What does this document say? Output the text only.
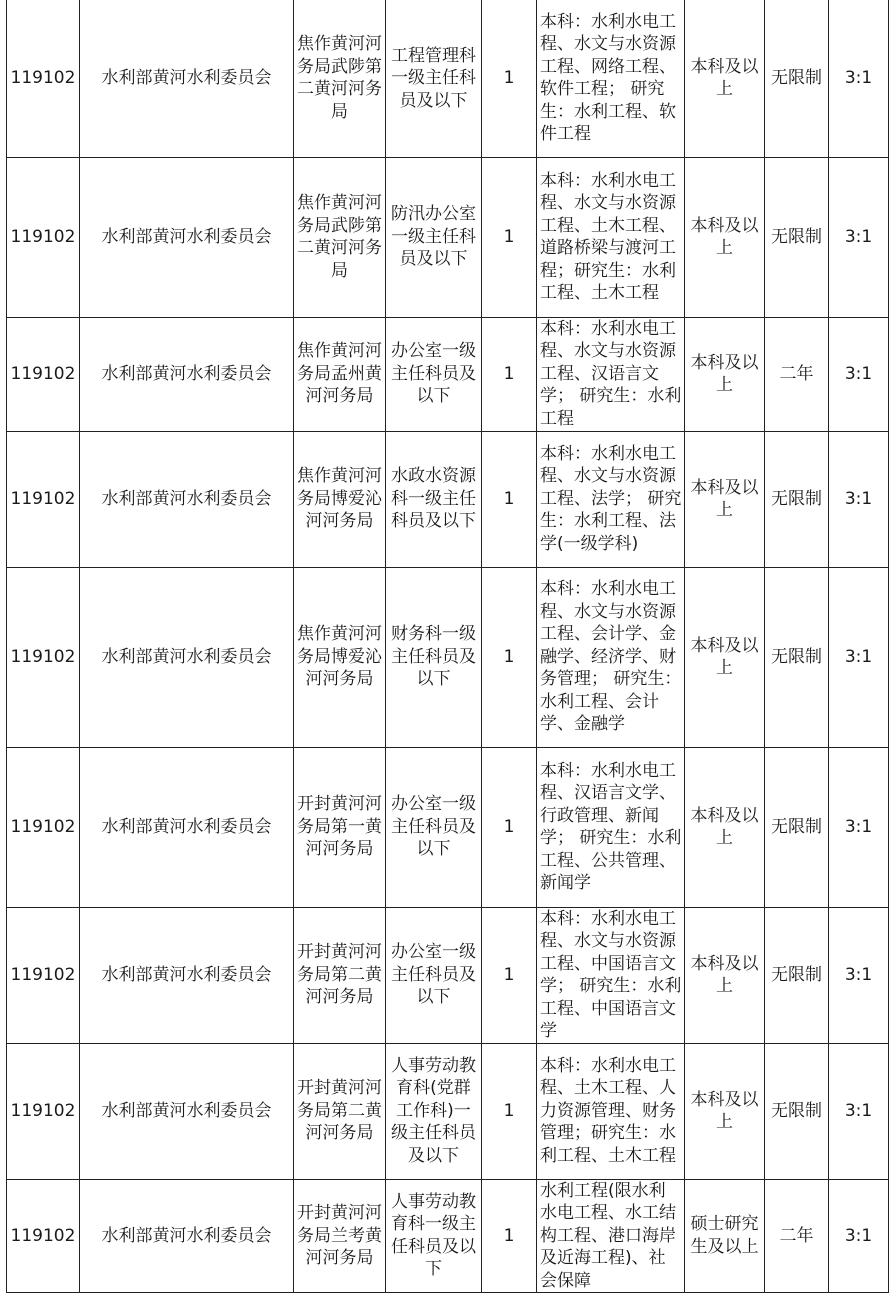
119102	水利部黄河水利委员会	焦作黄河河务局武陟第二黄河河务局	工程管理科一级主任科员及以下	1	本科：水利水电工程、水文与水资源工程、网络工程、软件工程； 研究生：水利工程、软件工程	本科及以上	无限制	3:1
119102	水利部黄河水利委员会	焦作黄河河务局武陟第二黄河河务局	防汛办公室一级主任科员及以下	1	本科：水利水电工程、水文与水资源工程、土木工程、道路桥梁与渡河工程；研究生：水利工程、土木工程	本科及以上	无限制	3:1
119102	水利部黄河水利委员会	焦作黄河河务局孟州黄河河务局	办公室一级主任科员及以下	1	本科：水利水电工程、水文与水资源工程、汉语言文学； 研究生：水利工程	本科及以上	二年	3:1
119102	水利部黄河水利委员会	焦作黄河河务局博爱沁河河务局	水政水资源科一级主任科员及以下	1	本科：水利水电工程、水文与水资源工程、法学； 研究生：水利工程、法学(一级学科)	本科及以上	无限制	3:1
119102	水利部黄河水利委员会	焦作黄河河务局博爱沁河河务局	财务科一级主任科员及以下	1	本科：水利水电工程、水文与水资源工程、会计学、金融学、经济学、财务管理； 研究生：水利工程、会计学、金融学	本科及以上	无限制	3:1
119102	水利部黄河水利委员会	开封黄河河务局第一黄河河务局	办公室一级主任科员及以下	1	本科：水利水电工程、汉语言文学、行政管理、新闻学； 研究生：水利工程、公共管理、新闻学	本科及以上	无限制	3:1
119102	水利部黄河水利委员会	开封黄河河务局第二黄河河务局	办公室一级主任科员及以下	1	本科：水利水电工程、水文与水资源工程、中国语言文学； 研究生：水利工程、中国语言文学	本科及以上	无限制	3:1
119102	水利部黄河水利委员会	开封黄河河务局第二黄河河务局	人事劳动教育科(党群工作科)一级主任科员及以下	1	本科：水利水电工程、土木工程、人力资源管理、财务管理；研究生：水利工程、土木工程	本科及以上	无限制	3:1
119102	水利部黄河水利委员会	开封黄河河务局兰考黄河河务局	人事劳动教育科一级主任科员及以下	1	水利工程(限水利水电工程、水工结构工程、港口海岸及近海工程)、社会保障	硕士研究生及以上	二年	3:1
